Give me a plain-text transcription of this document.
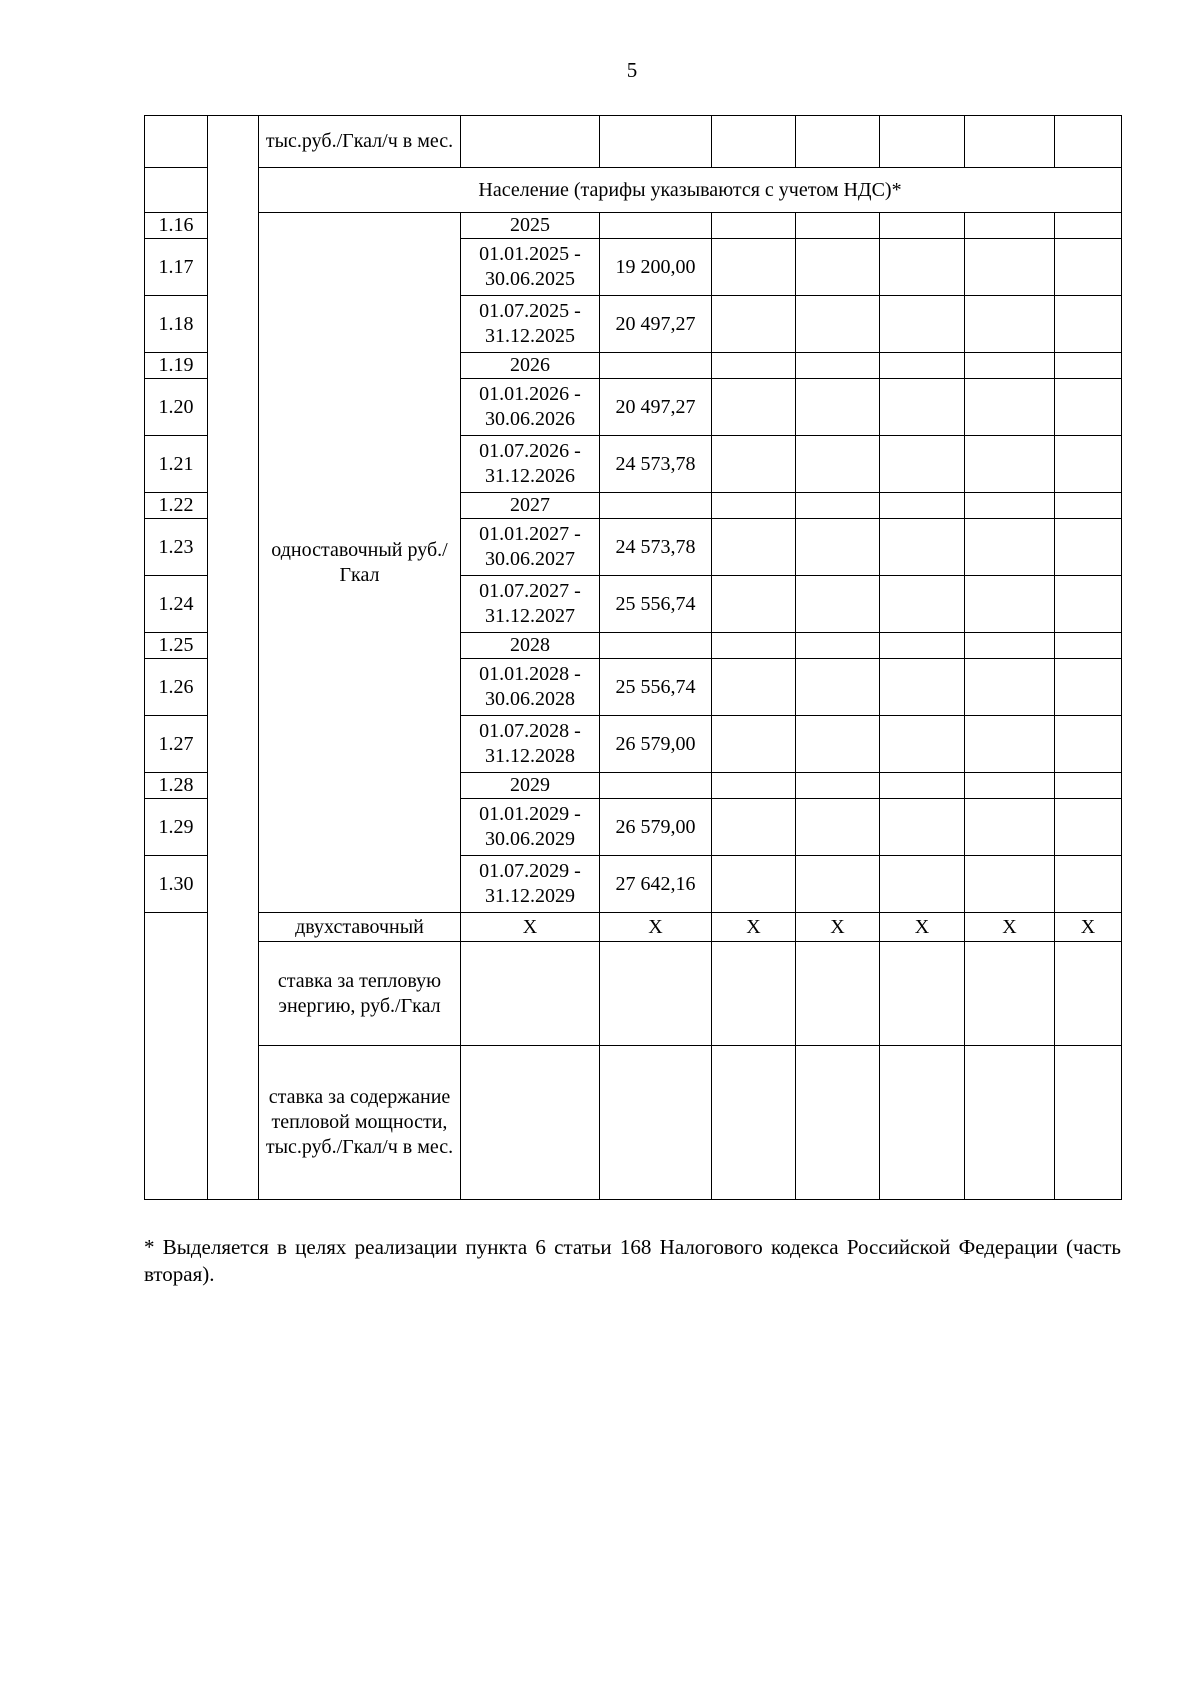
5
		тыс.руб./Гкал/ч в мес.							
		Население (тарифы указываются с учетом НДС)*							
1.16		одноставочный руб./Гкал	2025						
1.17			01.01.2025 - 30.06.2025	19 200,00					
1.18			01.07.2025 - 31.12.2025	20 497,27					
1.19			2026						
1.20			01.01.2026 - 30.06.2026	20 497,27					
1.21			01.07.2026 - 31.12.2026	24 573,78					
1.22			2027						
1.23			01.01.2027 - 30.06.2027	24 573,78					
1.24			01.07.2027 - 31.12.2027	25 556,74					
1.25			2028						
1.26			01.01.2028 - 30.06.2028	25 556,74					
1.27			01.07.2028 - 31.12.2028	26 579,00					
1.28			2029						
1.29			01.01.2029 - 30.06.2029	26 579,00					
1.30			01.07.2029 - 31.12.2029	27 642,16					
		двухставочный	X	X	X	X	X	X	X
		ставка за тепловую энергию, руб./Гкал							
		ставка за содержание тепловой мощности, тыс.руб./Гкал/ч в мес.							
* Выделяется в целях реализации пункта 6 статьи 168 Налогового кодекса Российской Федерации (часть вторая).
